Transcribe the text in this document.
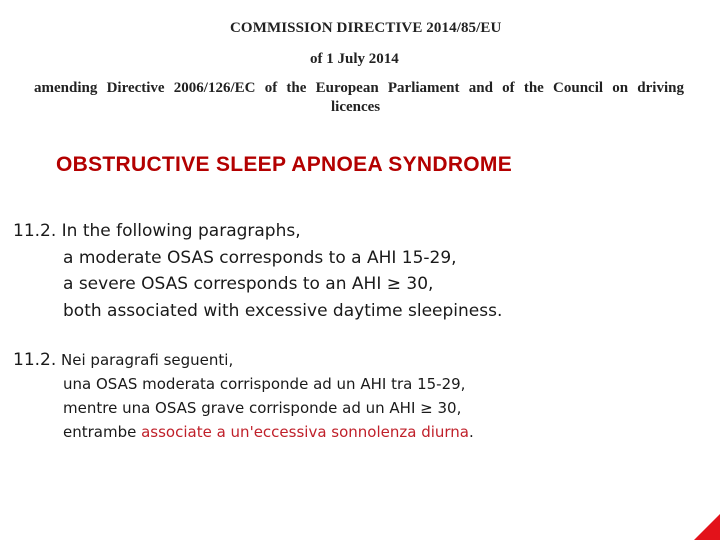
COMMISSION DIRECTIVE 2014/85/EU
of 1 July 2014
amending Directive 2006/126/EC of the European Parliament and of the Council on driving
licences
OBSTRUCTIVE SLEEP APNOEA SYNDROME
11.2. In the following paragraphs,
a moderate OSAS corresponds to a AHI 15-29,
a severe OSAS corresponds to an AHI ≥ 30,
both associated with excessive daytime sleepiness.
11.2. Nei paragrafi seguenti,
una OSAS moderata corrisponde ad un AHI tra 15-29,
mentre una OSAS grave corrisponde ad un AHI ≥ 30,
entrambe associate a un'eccessiva sonnolenza diurna.
